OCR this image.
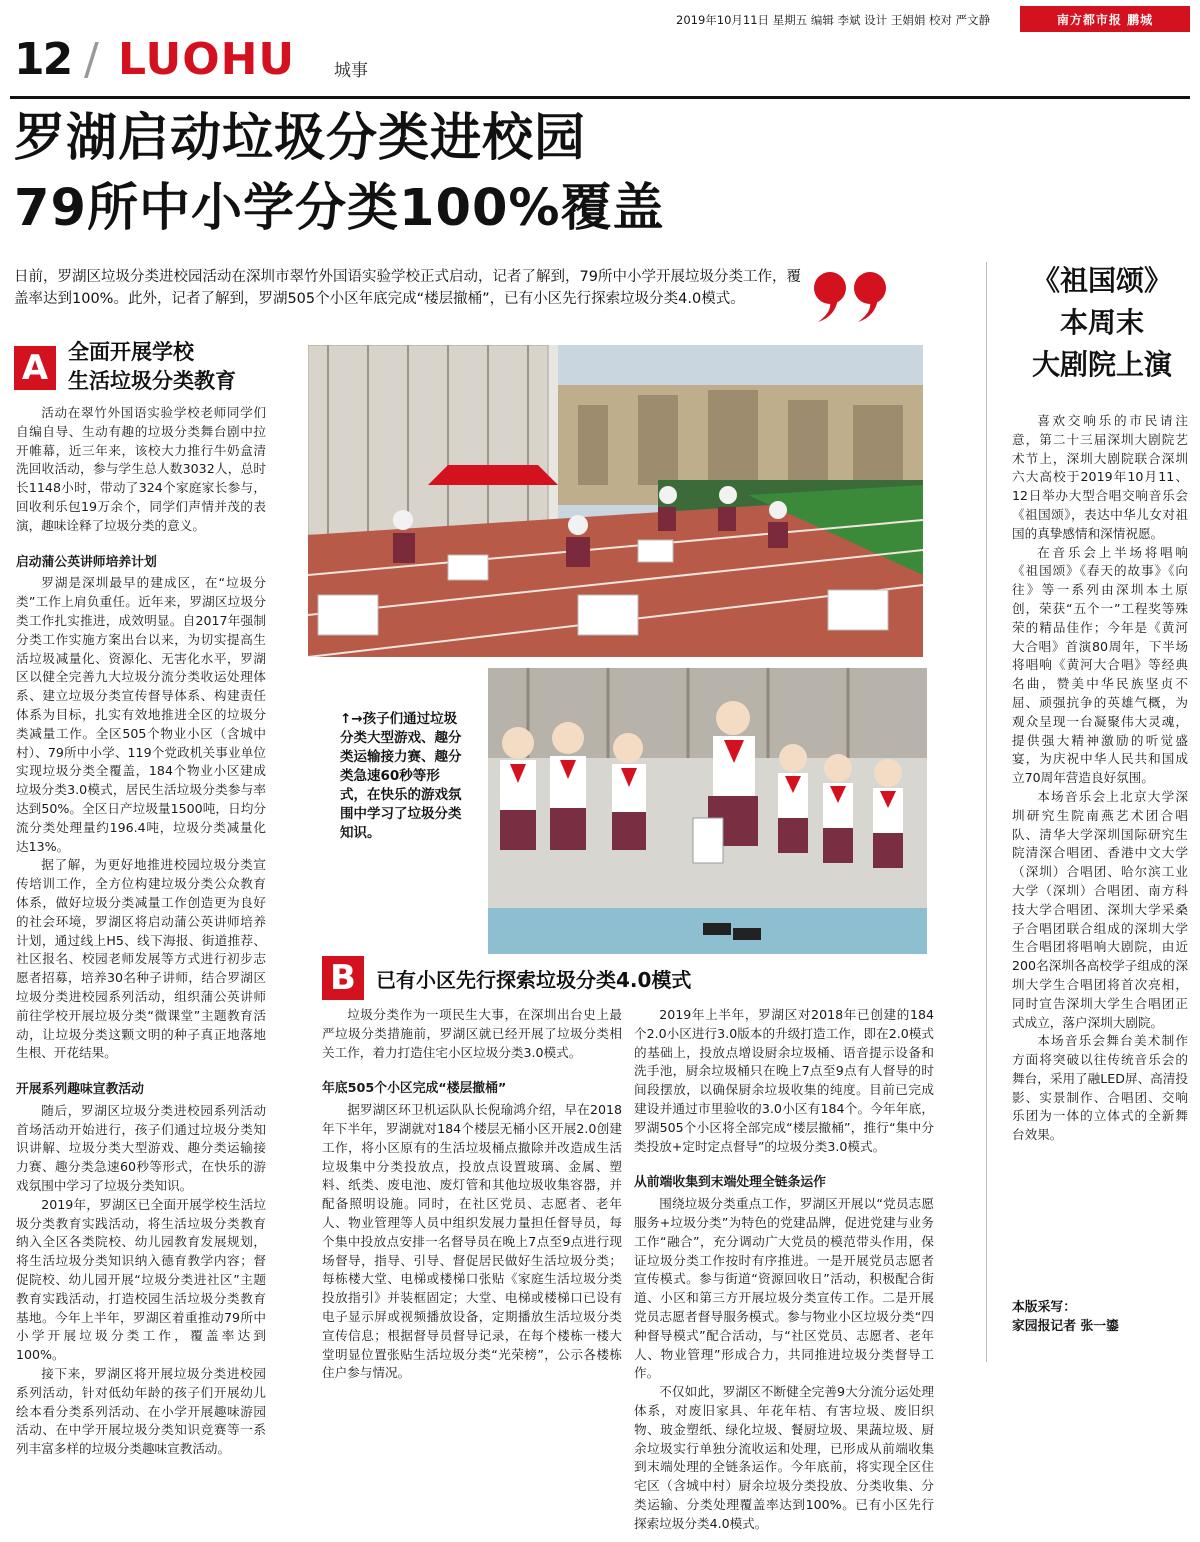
2019年10月11日 星期五 编辑 李斌 设计 王娟娟 校对 严文静	南方都市报 鹏城
12 / LUOHU 城事
罗湖启动垃圾分类进校园
79所中小学分类100%覆盖
日前，罗湖区垃圾分类进校园活动在深圳市翠竹外国语实验学校正式启动，记者了解到，79所中小学开展垃圾分类工作，覆盖率达到100%。此外，记者了解到，罗湖505个小区年底完成“楼层撤桶”，已有小区先行探索垃圾分类4.0模式。
A 全面开展学校
生活垃圾分类教育

活动在翠竹外国语实验学校老师同学们自编自导、生动有趣的垃圾分类舞台剧中拉开帷幕，近三年来，该校大力推行牛奶盒清洗回收活动，参与学生总人数3032人，总时长1148小时，带动了324个家庭家长参与，回收利乐包19万余个，同学们声情并茂的表演，趣味诠释了垃圾分类的意义。

启动蒲公英讲师培养计划

罗湖是深圳最早的建成区，在“垃圾分类”工作上肩负重任。近年来，罗湖区垃圾分类工作扎实推进，成效明显。自2017年强制分类工作实施方案出台以来，为切实提高生活垃圾减量化、资源化、无害化水平，罗湖区以健全完善九大垃圾分流分类收运处理体系、建立垃圾分类宣传督导体系、构建责任体系为目标，扎实有效地推进全区的垃圾分类减量工作。全区505个物业小区（含城中村）、79所中小学、119个党政机关事业单位实现垃圾分类全覆盖，184个物业小区建成垃圾分类3.0模式，居民生活垃圾分类参与率达到50%。全区日产垃圾量1500吨，日均分流分类处理量约196.4吨，垃圾分类减量化达13%。

据了解，为更好地推进校园垃圾分类宣传培训工作，全方位构建垃圾分类公众教育体系，做好垃圾分类减量工作创造更为良好的社会环境，罗湖区将启动蒲公英讲师培养计划，通过线上H5、线下海报、街道推荐、社区报名、校园老师发展等方式进行初步志愿者招募，培养30名种子讲师，结合罗湖区垃圾分类进校园系列活动，组织蒲公英讲师前往学校开展垃圾分类“微课堂”主题教育活动，让垃圾分类这颗文明的种子真正地落地生根、开花结果。

开展系列趣味宣教活动

随后，罗湖区垃圾分类进校园系列活动首场活动开始进行，孩子们通过垃圾分类知识讲解、垃圾分类大型游戏、趣分类运输接力赛、趣分类急速60秒等形式，在快乐的游戏氛围中学习了垃圾分类知识。

2019年，罗湖区已全面开展学校生活垃圾分类教育实践活动，将生活垃圾分类教育纳入全区各类院校、幼儿园教育发展规划，将生活垃圾分类知识纳入德育教学内容；督促院校、幼儿园开展“垃圾分类进社区”主题教育实践活动，打造校园生活垃圾分类教育基地。今年上半年，罗湖区着重推动79所中小学开展垃圾分类工作，覆盖率达到100%。

接下来，罗湖区将开展垃圾分类进校园系列活动，针对低幼年龄的孩子们开展幼儿绘本看分类系列活动、在小学开展趣味游园活动、在中学开展垃圾分类知识竞赛等一系列丰富多样的垃圾分类趣味宣教活动。

↑→孩子们通过垃圾分类大型游戏、趣分类运输接力赛、趣分类急速60秒等形式，在快乐的游戏氛围中学习了垃圾分类知识。
B	已有小区先行探索垃圾分类4.0模式

垃圾分类作为一项民生大事，在深圳出台史上最严垃圾分类措施前，罗湖区就已经开展了垃圾分类相关工作，着力打造住宅小区垃圾分类3.0模式。

年底505个小区完成“楼层撤桶”

据罗湖区环卫机运队队长倪瑜鸿介绍，早在2018年下半年，罗湖就对184个楼层无桶小区开展2.0创建工作，将小区原有的生活垃圾桶点撤除并改造成生活垃圾集中分类投放点，投放点设置玻璃、金属、塑料、纸类、废电池、废灯管和其他垃圾收集容器，并配备照明设施。同时，在社区党员、志愿者、老年人、物业管理等人员中组织发展力量担任督导员，每个集中投放点安排一名督导员在晚上7点至9点进行现场督导，指导、引导、督促居民做好生活垃圾分类；每栋楼大堂、电梯或楼梯口张贴《家庭生活垃圾分类投放指引》并装框固定；大堂、电梯或楼梯口已设有电子显示屏或视频播放设备，定期播放生活垃圾分类宣传信息；根据督导员督导记录，在每个楼栋一楼大堂明显位置张贴生活垃圾分类“光荣榜”，公示各楼栋住户参与情况。

2019年上半年，罗湖区对2018年已创建的184个2.0小区进行3.0版本的升级打造工作，即在2.0模式的基础上，投放点增设厨余垃圾桶、语音提示设备和洗手池，厨余垃圾桶只在晚上7点至9点有人督导的时间段摆放，以确保厨余垃圾收集的纯度。目前已完成建设并通过市里验收的3.0小区有184个。今年年底，罗湖505个小区将全部完成“楼层撤桶”，推行“集中分类投放+定时定点督导”的垃圾分类3.0模式。

从前端收集到末端处理全链条运作

围绕垃圾分类重点工作，罗湖区开展以“党员志愿服务+垃圾分类”为特色的党建品牌，促进党建与业务工作“融合”，充分调动广大党员的模范带头作用，保证垃圾分类工作按时有序推进。一是开展党员志愿者宣传模式。参与街道“资源回收日”活动，积极配合街道、小区和第三方开展垃圾分类宣传工作。二是开展党员志愿者督导服务模式。参与物业小区垃圾分类“四种督导模式”配合活动，与“社区党员、志愿者、老年人、物业管理”形成合力，共同推进垃圾分类督导工作。

不仅如此，罗湖区不断健全完善9大分流分运处理体系，对废旧家具、年花年桔、有害垃圾、废旧织物、玻金塑纸、绿化垃圾、餐厨垃圾、果蔬垃圾、厨余垃圾实行单独分流收运和处理，已形成从前端收集到末端处理的全链条运作。今年底前，将实现全区住宅区（含城中村）厨余垃圾分类投放、分类收集、分类运输、分类处理覆盖率达到100%。已有小区先行探索垃圾分类4.0模式。

《祖国颂》
本周末
大剧院上演

喜欢交响乐的市民请注意，第二十三届深圳大剧院艺术节上，深圳大剧院联合深圳六大高校于2019年10月11、12日举办大型合唱交响音乐会《祖国颂》，表达中华儿女对祖国的真挚感情和深情祝愿。

在音乐会上半场将唱响《祖国颂》《春天的故事》《向往》等一系列由深圳本土原创，荣获“五个一”工程奖等殊荣的精品佳作；今年是《黄河大合唱》首演80周年，下半场将唱响《黄河大合唱》等经典名曲，赞美中华民族坚贞不屈、顽强抗争的英雄气概，为观众呈现一台凝聚伟大灵魂，提供强大精神激励的听觉盛宴，为庆祝中华人民共和国成立70周年营造良好氛围。

本场音乐会上北京大学深圳研究生院南燕艺术团合唱队、清华大学深圳国际研究生院清深合唱团、香港中文大学（深圳）合唱团、哈尔滨工业大学（深圳）合唱团、南方科技大学合唱团、深圳大学采桑子合唱团联合组成的深圳大学生合唱团将唱响大剧院，由近200名深圳各高校学子组成的深圳大学生合唱团将首次亮相，同时宣告深圳大学生合唱团正式成立，落户深圳大剧院。

本场音乐会舞台美术制作方面将突破以往传统音乐会的舞台，采用了融LED屏、高清投影、实景制作、合唱团、交响乐团为一体的立体式的全新舞台效果。

本版采写：
家园报记者 张一鎏
